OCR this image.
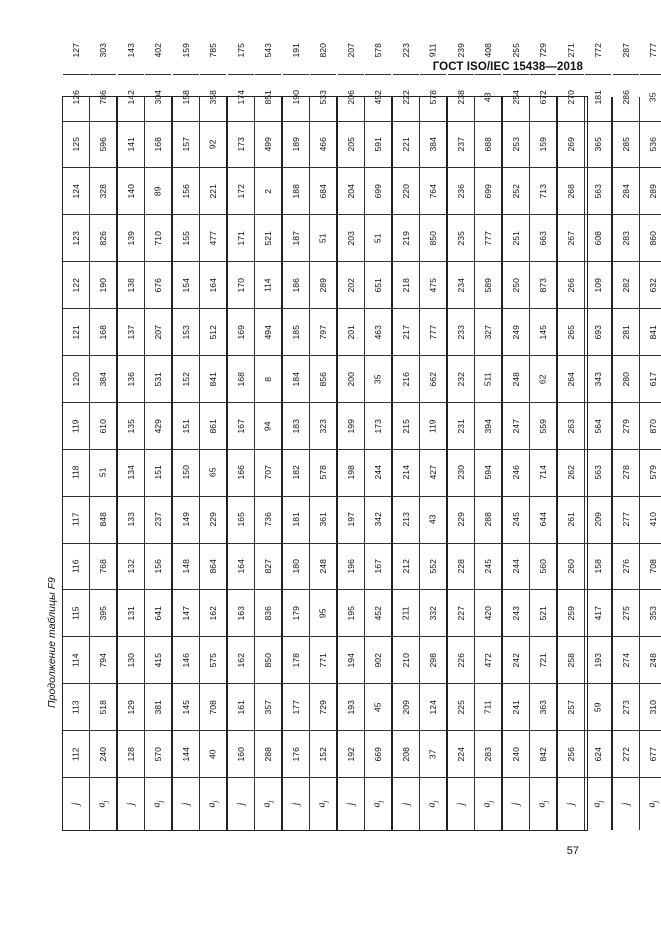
ГОСТ ISO/IEC 15438—2018
Продолжение таблицы F9
j
112
113
114
115
116
117
118
119
120
121
122
123
124
125
126
127
$a_j$
240
518
794
395
768
848
51
610
384
168
190
826
328
596
786
303
j
128
129
130
131
132
133
134
135
136
137
138
139
140
141
142
143
$a_j$
570
381
415
641
156
237
151
429
531
207
676
710
89
168
304
402
j
144
145
146
147
148
149
150
151
152
153
154
155
156
157
158
159
$a_j$
40
708
575
162
864
229
65
861
841
512
164
477
221
92
358
785
j
160
161
162
163
164
165
166
167
168
169
170
171
172
173
174
175
$a_j$
288
357
850
836
827
736
707
94
8
494
114
521
2
499
851
543
j
176
177
178
179
180
181
182
183
184
185
186
187
188
189
190
191
$a_j$
152
729
771
95
248
361
578
323
856
797
289
51
684
466
533
820
j
192
193
194
195
196
197
198
199
200
201
202
203
204
205
206
207
$a_j$
669
45
902
452
167
342
244
173
35
463
651
51
699
591
452
578
j
208
209
210
211
212
213
214
215
216
217
218
219
220
221
222
223
$a_j$
37
124
298
332
552
43
427
119
662
777
475
850
764
384
578
911
j
224
225
226
227
228
229
230
231
232
233
234
235
236
237
238
239
$a_j$
283
711
472
420
245
288
594
394
511
327
589
777
699
688
43
408
j
240
241
242
243
244
245
246
247
248
249
250
251
252
253
254
255
$a_j$
842
363
721
521
560
644
714
559
62
145
873
663
713
159
672
729
j
256
257
258
259
260
261
262
263
264
265
266
267
268
269
270
271
$a_j$
624
59
193
417
158
209
563
564
343
693
109
608
563
365
181
772
j
272
273
274
275
276
277
278
279
280
281
282
283
284
285
286
287
$a_j$
677
310
248
353
708
410
579
870
617
841
632
860
289
536
35
777
57
